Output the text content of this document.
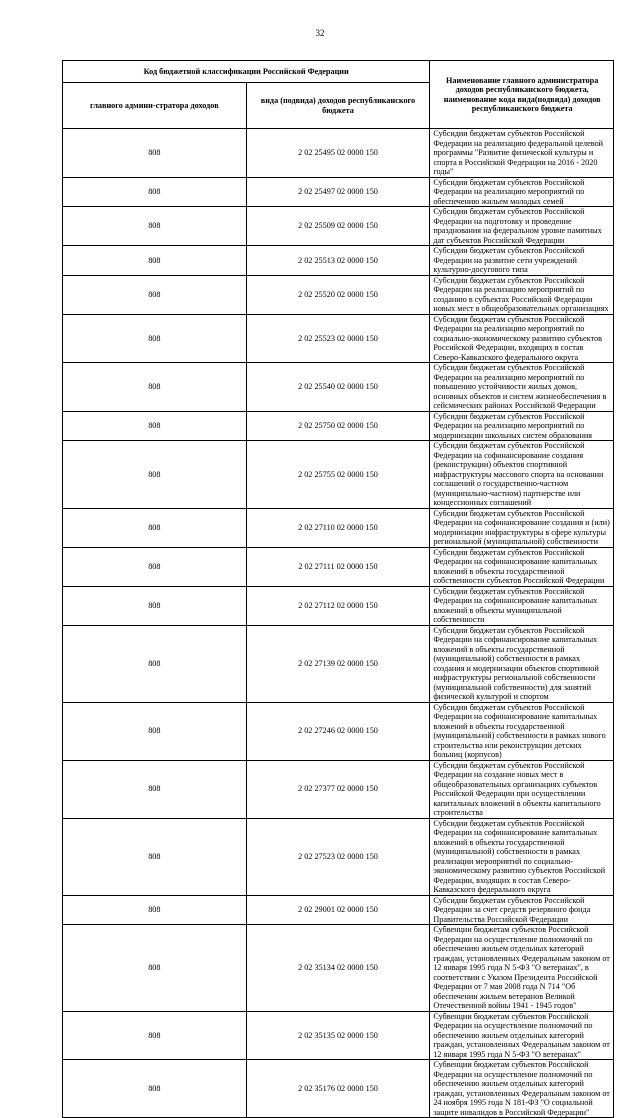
32
Код бюджетной классификации Российской Федерации		Наименование главного администратора доходов республиканского бюджета, наименование кода вида(подвида) доходов республиканского бюджета
главного админи-стратора доходов	вида (подвида) доходов республиканского бюджета	
808	2 02 25495 02 0000 150	Субсидии бюджетам субъектов Российской Федерации на реализацию федеральной целевой программы "Развитие физической культуры и спорта в Российской Федерации на 2016 - 2020 годы"
808	2 02 25497 02 0000 150	Субсидии бюджетам субъектов Российской Федерации на реализацию мероприятий по обеспечению жильем молодых семей
808	2 02 25509 02 0000 150	Субсидии бюджетам субъектов Российской Федерации на подготовку и проведение празднования на федеральном уровне памятных дат субъектов Российской Федерации
808	2 02 25513 02 0000 150	Субсидии бюджетам субъектов Российской Федерации на развитие сети учреждений культурно-досугового типа
808	2 02 25520 02 0000 150	Субсидии бюджетам субъектов Российской Федерации на реализацию мероприятий по созданию в субъектах Российской Федерации новых мест в общеобразовательных организациях
808	2 02 25523 02 0000 150	Субсидии бюджетам субъектов Российской Федерации на реализацию мероприятий по социально-экономическому развитию субъектов Российской Федерации, входящих в состав Северо-Кавказского федерального округа
808	2 02 25540 02 0000 150	Субсидии бюджетам субъектов Российской Федерации на реализацию мероприятий по повышению устойчивости жилых домов, основных объектов и систем жизнеобеспечения в сейсмических районах Российской Федерации
808	2 02 25750 02 0000 150	Субсидии бюджетам субъектов Российской Федерации на реализацию мероприятий по модернизации школьных систем образования
808	2 02 25755 02 0000 150	Субсидии бюджетам субъектов Российской Федерации на софинансирование создания (реконструкции) объектов спортивной инфраструктуры массового спорта на основании соглашений о государственно-частном (муниципально-частном) партнерстве или концессионных соглашений
808	2 02 27110 02 0000 150	Субсидии бюджетам субъектов Российской Федерации на софинансирование создания и (или) модернизации инфраструктуры в сфере культуры региональной (муниципальной) собственности
808	2 02 27111 02 0000 150	Субсидии бюджетам субъектов Российской Федерации на софинансирование капитальных вложений в объекты государственной собственности субъектов Российской Федерации
808	2 02 27112 02 0000 150	Субсидии бюджетам субъектов Российской Федерации на софинансирование капитальных вложений в объекты муниципальной собственности
808	2 02 27139 02 0000 150	Субсидии бюджетам субъектов Российской Федерации на софинансирование капитальных вложений в объекты государственной (муниципальной) собственности в рамках создания и модернизации объектов спортивной инфраструктуры региональной собственности (муниципальной собственности) для занятий физической культурой и спортом
808	2 02 27246 02 0000 150	Субсидии бюджетам субъектов Российской Федерации на софинансирование капитальных вложений в объекты государственной (муниципальной) собственности в рамках нового строительства или реконструкции детских больниц (корпусов)
808	2 02 27377 02 0000 150	Субсидии бюджетам субъектов Российской Федерации на создание новых мест в общеобразовательных организациях субъектов Российской Федерации при осуществлении капитальных вложений в объекты капитального строительства
808	2 02 27523 02 0000 150	Субсидии бюджетам субъектов Российской Федерации на софинансирование капитальных вложений в объекты государственной (муниципальной) собственности в рамках реализации мероприятий по социально-экономическому развитию субъектов Российской Федерации, входящих в состав Северо-Кавказского федерального округа
808	2 02 29001 02 0000 150	Субсидии бюджетам субъектов Российской Федерации за счет средств резервного фонда Правительства Российской Федерации
808	2 02 35134 02 0000 150	Субвенции бюджетам субъектов Российской Федерации на осуществление полномочий по обеспечению жильем отдельных категорий граждан, установленных Федеральным законом от 12 января 1995 года N 5-ФЗ "О ветеранах", в соответствии с Указом Президента Российской Федерации от 7 мая 2008 года N 714 "Об обеспечении жильем ветеранов Великой Отечественной войны 1941 - 1945 годов"
808	2 02 35135 02 0000 150	Субвенции бюджетам субъектов Российской Федерации на осуществление полномочий по обеспечению жильем отдельных категорий граждан, установленных Федеральным законом от 12 января 1995 года N 5-ФЗ "О ветеранах"
808	2 02 35176 02 0000 150	Субвенции бюджетам субъектов Российской Федерации на осуществление полномочий по обеспечению жильем отдельных категорий граждан, установленных Федеральным законом от 24 ноября 1995 года N 181-ФЗ "О социальной защите инвалидов в Российской Федерации"
